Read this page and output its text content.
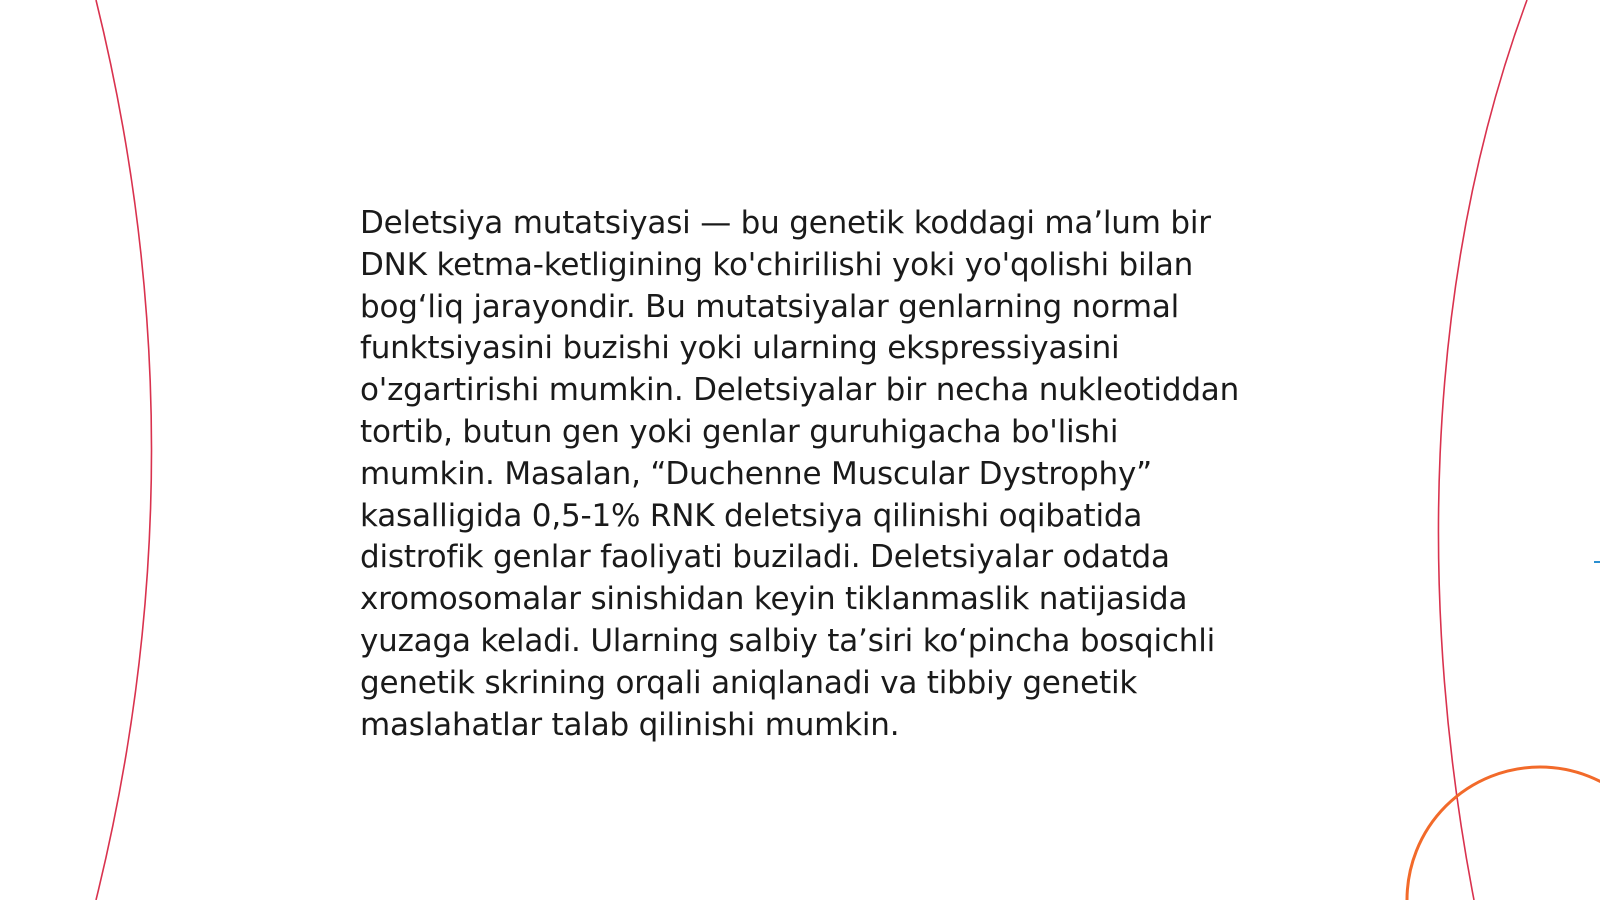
Deletsiya mutatsiyasi — bu genetik koddagi ma’lum bir DNK ketma-ketligining ko'chirilishi yoki yo'qolishi bilan bog‘liq jarayondir. Bu mutatsiyalar genlarning normal funktsiyasini buzishi yoki ularning ekspressiyasini o'zgartirishi mumkin. Deletsiyalar bir necha nukleotiddan tortib, butun gen yoki genlar guruhigacha bo'lishi mumkin. Masalan, “Duchenne Muscular Dystrophy” kasalligida 0,5-1% RNK deletsiya qilinishi oqibatida distrofik genlar faoliyati buziladi. Deletsiyalar odatda xromosomalar sinishidan keyin tiklanmaslik natijasida yuzaga keladi. Ularning salbiy ta’siri ko‘pincha bosqichli genetik skrining orqali aniqlanadi va tibbiy genetik maslahatlar talab qilinishi mumkin.
